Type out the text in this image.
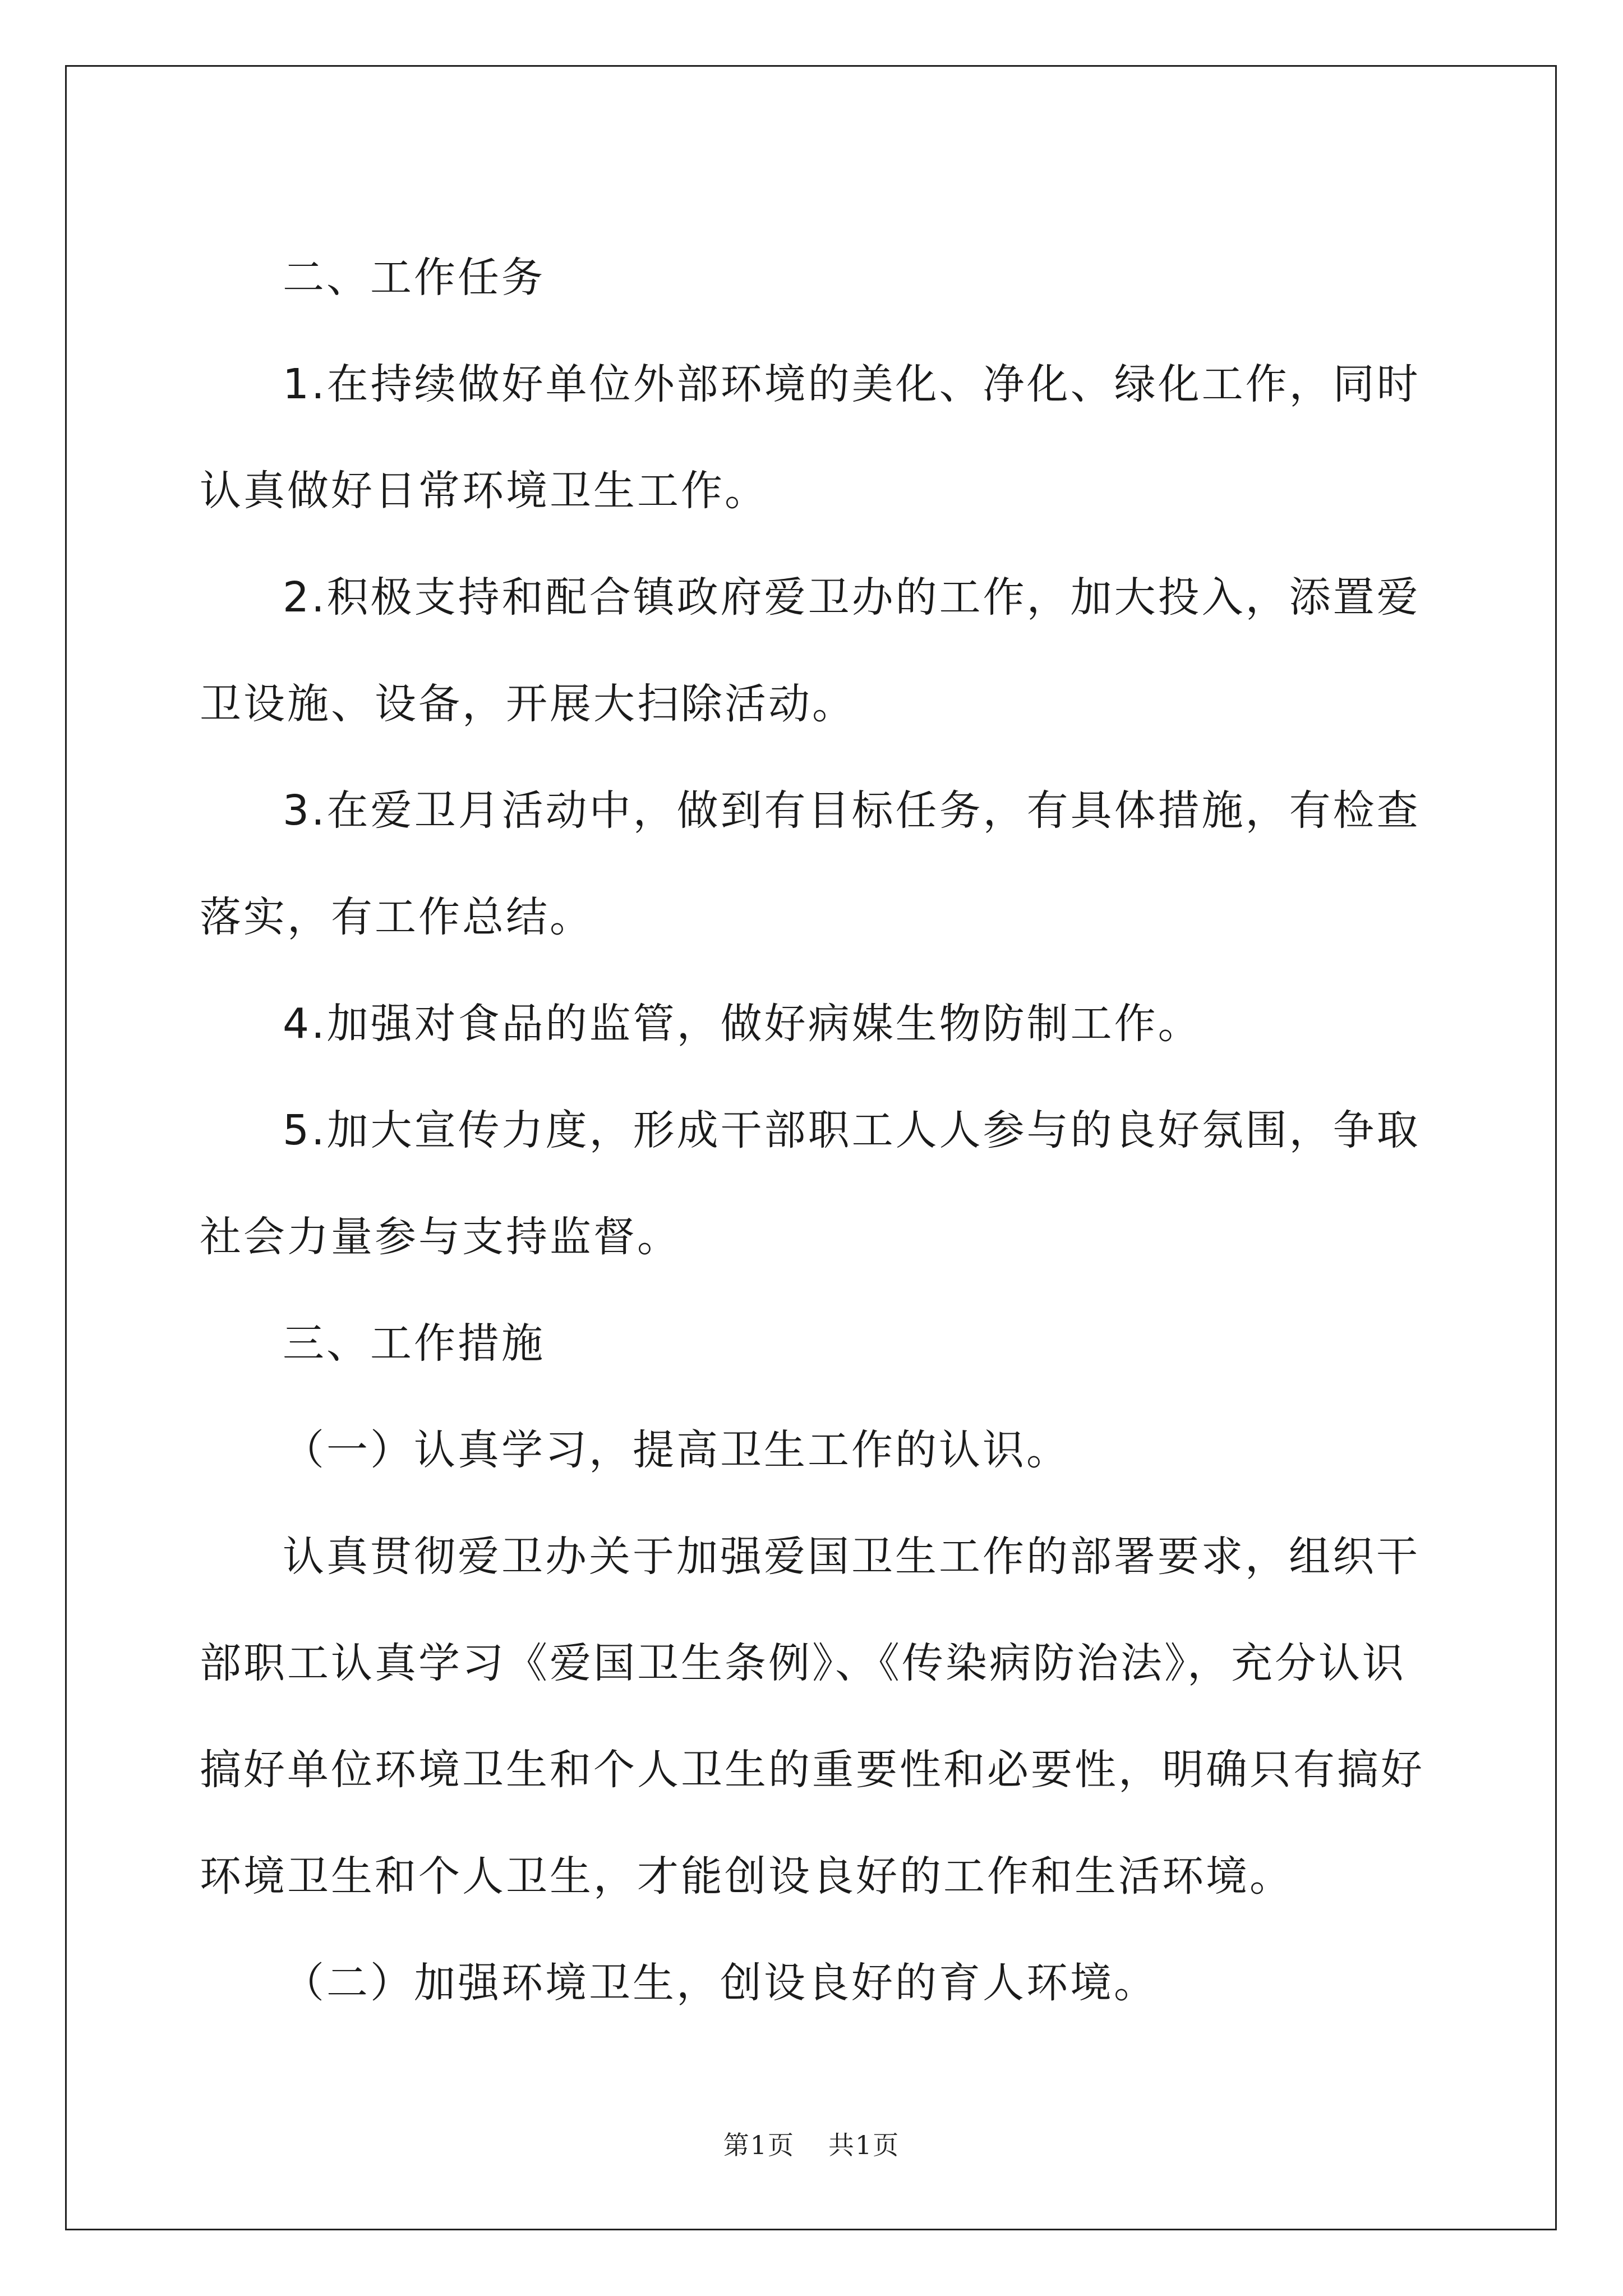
二、工作任务

1.在持续做好单位外部环境的美化、净化、绿化工作，同时认真做好日常环境卫生工作。

2.积极支持和配合镇政府爱卫办的工作，加大投入，添置爱卫设施、设备，开展大扫除活动。

3.在爱卫月活动中，做到有目标任务，有具体措施，有检查落实，有工作总结。

4.加强对食品的监管，做好病媒生物防制工作。

5.加大宣传力度，形成干部职工人人参与的良好氛围，争取社会力量参与支持监督。

三、工作措施

（一）认真学习，提高卫生工作的认识。

认真贯彻爱卫办关于加强爱国卫生工作的部署要求，组织干部职工认真学习《爱国卫生条例》、《传染病防治法》，充分认识搞好单位环境卫生和个人卫生的重要性和必要性，明确只有搞好环境卫生和个人卫生，才能创设良好的工作和生活环境。

（二）加强环境卫生，创设良好的育人环境。

第1页 共1页
